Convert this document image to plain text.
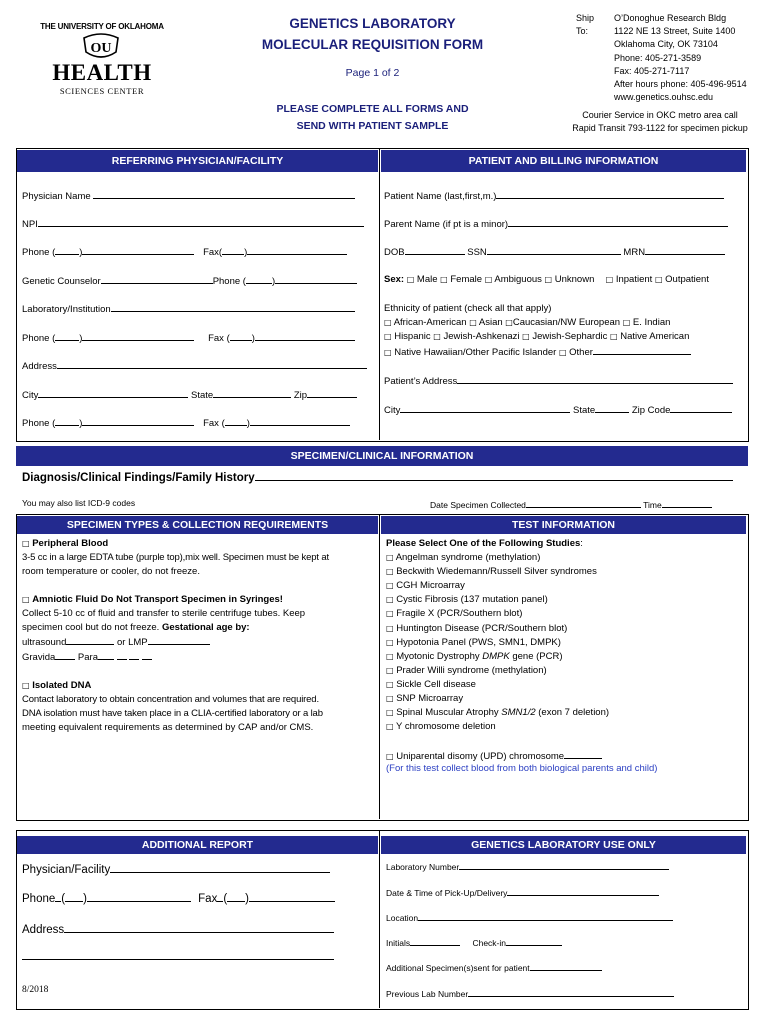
THE UNIVERSITY OF OKLAHOMA
OU
HEALTH
SCIENCES CENTER
GENETICS LABORATORY
MOLECULAR REQUISITION FORM
Page 1 of 2
PLEASE COMPLETE ALL FORMS AND
SEND WITH PATIENT SAMPLE
Ship To:
O’Donoghue Research Bldg
1122 NE 13 Street, Suite 1400
Oklahoma City, OK 73104
Phone: 405-271-3589
Fax: 405-271-7117
After hours phone: 405-496-9514
www.genetics.ouhsc.edu
Courier Service in OKC metro area call
Rapid Transit 793-1122 for specimen pickup
REFERRING PHYSICIAN/FACILITY	PATIENT AND BILLING INFORMATION
Physician Name
NPI
Phone (	)	Fax( )
Genetic Counselor	Phone (	)
Laboratory/Institution
Phone (	)	Fax ( )
Address
City	State	Zip
Phone (	)	Fax ( )
Patient Name (last,first,m.)
Parent Name (if pt is a minor)
DOB	SSN	MRN
Sex: □ Male □ Female □ Ambiguous □ Unknown □ Inpatient □ Outpatient
Ethnicity of patient (check all that apply)
□ African-American □ Asian □Caucasian/NW European □ E. Indian
□ Hispanic □ Jewish-Ashkenazi □ Jewish-Sephardic □ Native American
□ Native Hawaiian/Other Pacific Islander □ Other
Patient’s Address
City	State	Zip Code
SPECIMEN/CLINICAL INFORMATION
Diagnosis/Clinical Findings/Family History
You may also list ICD-9 codes	Date Specimen Collected	Time
SPECIMEN TYPES & COLLECTION REQUIREMENTS	TEST INFORMATION

□ Peripheral Blood

3-5 cc in a large EDTA tube (purple top),mix well. Specimen must be kept at

room temperature or cooler, do not freeze.

□ Amniotic Fluid Do Not Transport Specimen in Syringes!

Collect 5-10 cc of fluid and transfer to sterile centrifuge tubes. Keep

specimen cool but do not freeze. Gestational age by:

ultrasound	or LMP

Gravida Para

□ Isolated DNA

Contact laboratory to obtain concentration and volumes that are required.

DNA isolation must have taken place in a CLIA-certified laboratory or a lab

meeting equivalent requirements as determined by CAP and/or CMS.

Please Select One of the Following Studies:
□ Angelman syndrome (methylation)
□ Beckwith Wiedemann/Russell Silver syndromes
□ CGH Microarray
□ Cystic Fibrosis (137 mutation panel)
□ Fragile X (PCR/Southern blot)
□ Huntington Disease (PCR/Southern blot)
□ Hypotonia Panel (PWS, SMN1, DMPK)
□ Myotonic Dystrophy DMPK gene (PCR)
□ Prader Willi syndrome (methylation)
□ Sickle Cell disease
□ SNP Microarray
□ Spinal Muscular Atrophy SMN1/2 (exon 7 deletion)
□ Y chromosome deletion
□ Uniparental disomy (UPD) chromosome
(For this test collect blood from both biological parents and child)
ADDITIONAL REPORT	GENETICS LABORATORY USE ONLY
Physician/Facility
Phone ( )	Fax ( )
Address
8/2018
Laboratory Number
Date & Time of Pick-Up/Delivery
Location
Initials	Check-in
Additional Specimen(s)sent for patient
Previous Lab Number
